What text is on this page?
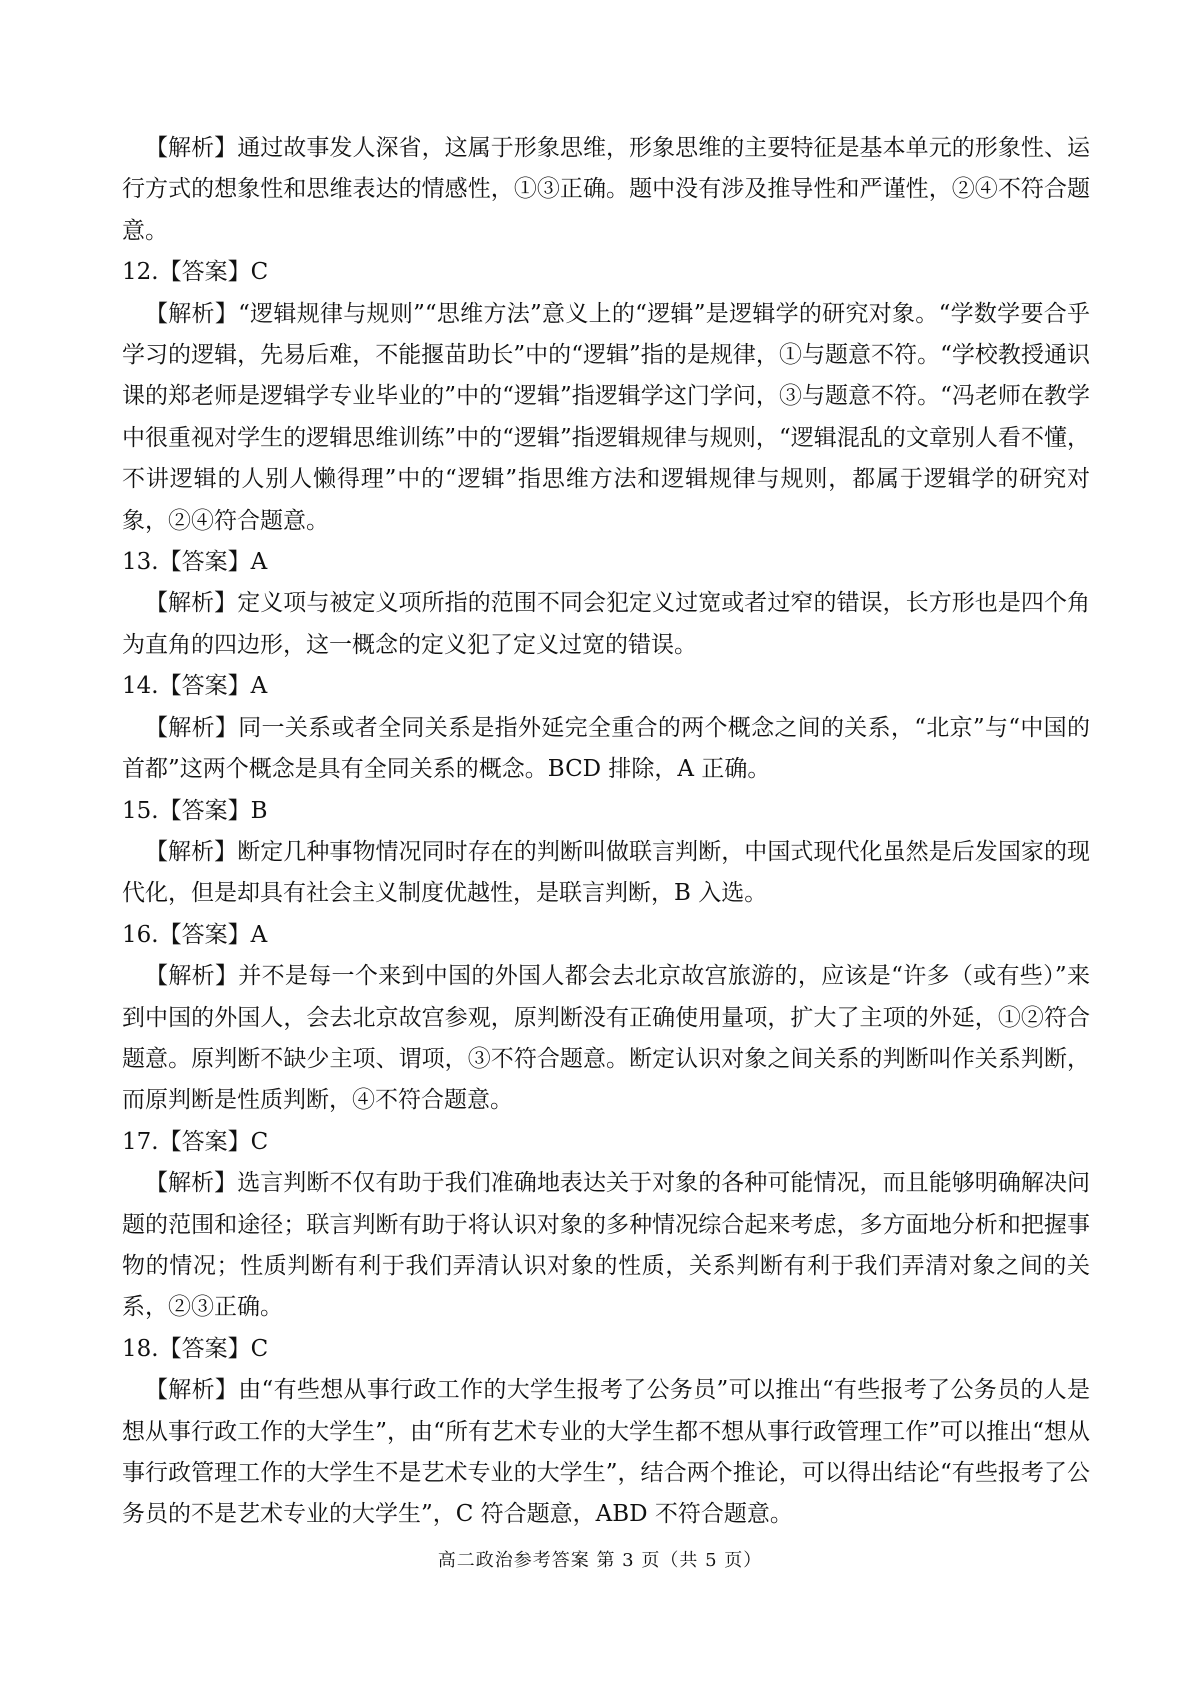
【解析】通过故事发人深省，这属于形象思维，形象思维的主要特征是基本单元的形象性、运行方式的想象性和思维表达的情感性，①③正确。题中没有涉及推导性和严谨性，②④不符合题意。

12.【答案】C

【解析】“逻辑规律与规则”“思维方法”意义上的“逻辑”是逻辑学的研究对象。“学数学要合乎学习的逻辑，先易后难，不能揠苗助长”中的“逻辑”指的是规律，①与题意不符。“学校教授通识课的郑老师是逻辑学专业毕业的”中的“逻辑”指逻辑学这门学问，③与题意不符。“冯老师在教学中很重视对学生的逻辑思维训练”中的“逻辑”指逻辑规律与规则，“逻辑混乱的文章别人看不懂，不讲逻辑的人别人懒得理”中的“逻辑”指思维方法和逻辑规律与规则，都属于逻辑学的研究对象，②④符合题意。

13.【答案】A

【解析】定义项与被定义项所指的范围不同会犯定义过宽或者过窄的错误，长方形也是四个角为直角的四边形，这一概念的定义犯了定义过宽的错误。

14.【答案】A

【解析】同一关系或者全同关系是指外延完全重合的两个概念之间的关系，“北京”与“中国的首都”这两个概念是具有全同关系的概念。BCD 排除，A 正确。

15.【答案】B

【解析】断定几种事物情况同时存在的判断叫做联言判断，中国式现代化虽然是后发国家的现代化，但是却具有社会主义制度优越性，是联言判断，B 入选。

16.【答案】A

【解析】并不是每一个来到中国的外国人都会去北京故宫旅游的，应该是“许多（或有些）”来到中国的外国人，会去北京故宫参观，原判断没有正确使用量项，扩大了主项的外延，①②符合题意。原判断不缺少主项、谓项，③不符合题意。断定认识对象之间关系的判断叫作关系判断，而原判断是性质判断，④不符合题意。

17.【答案】C

【解析】选言判断不仅有助于我们准确地表达关于对象的各种可能情况，而且能够明确解决问题的范围和途径；联言判断有助于将认识对象的多种情况综合起来考虑，多方面地分析和把握事物的情况；性质判断有利于我们弄清认识对象的性质，关系判断有利于我们弄清对象之间的关系，②③正确。

18.【答案】C

【解析】由“有些想从事行政工作的大学生报考了公务员”可以推出“有些报考了公务员的人是想从事行政工作的大学生”，由“所有艺术专业的大学生都不想从事行政管理工作”可以推出“想从事行政管理工作的大学生不是艺术专业的大学生”，结合两个推论，可以得出结论“有些报考了公务员的不是艺术专业的大学生”，C 符合题意，ABD 不符合题意。

高二政治参考答案 第 3 页（共 5 页）
